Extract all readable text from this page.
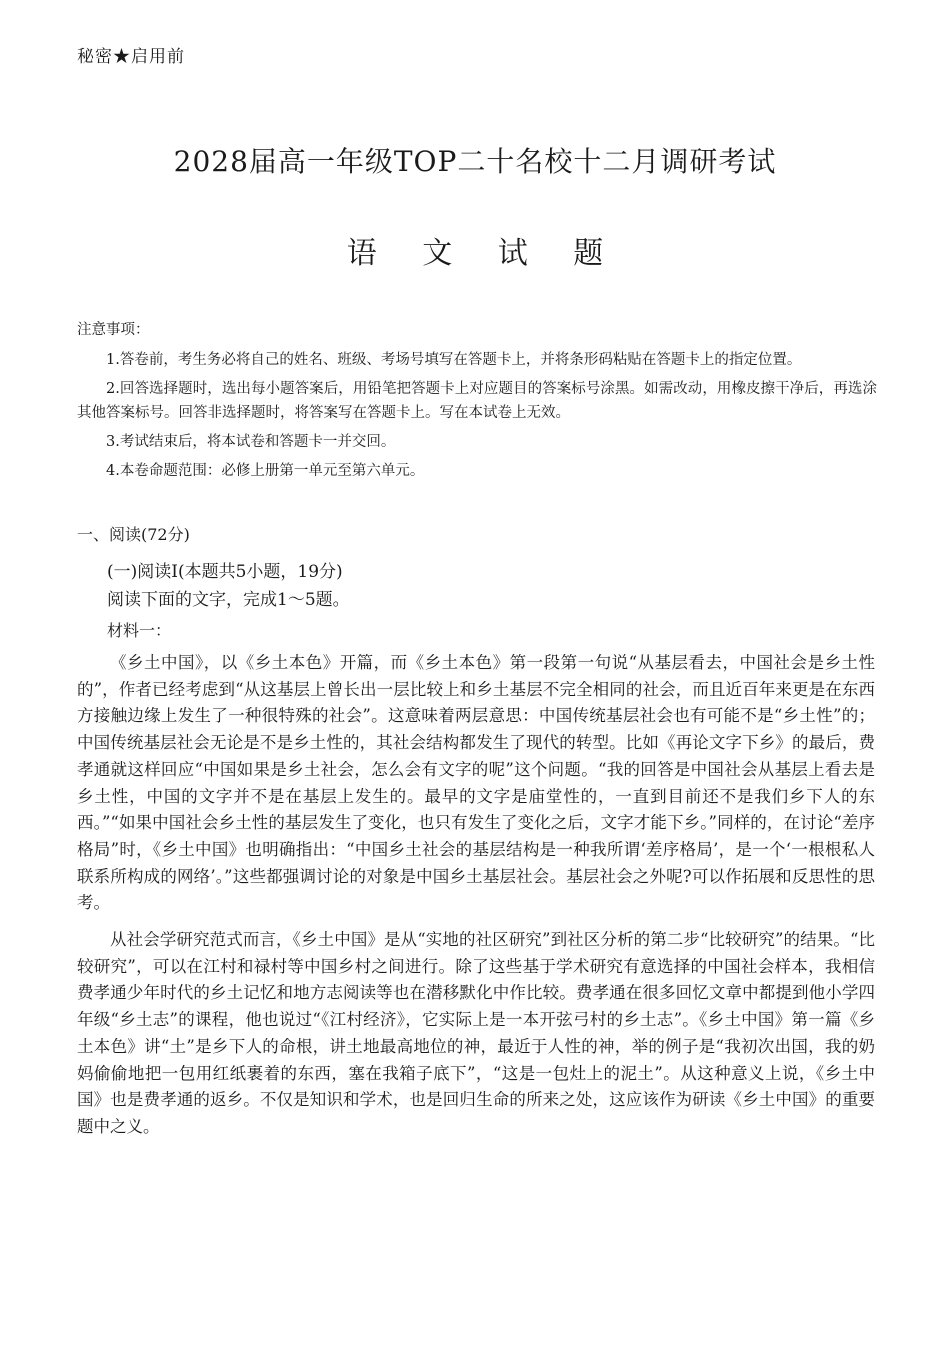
秘密★启用前
2028届高一年级TOP二十名校十二月调研考试
语 文 试 题
注意事项：
1.答卷前，考生务必将自己的姓名、班级、考场号填写在答题卡上，并将条形码粘贴在答题卡上的指定位置。
2.回答选择题时，选出每小题答案后，用铅笔把答题卡上对应题目的答案标号涂黑。如需改动，用橡皮擦干净后，再选涂其他答案标号。回答非选择题时，将答案写在答题卡上。写在本试卷上无效。
3.考试结束后，将本试卷和答题卡一并交回。
4.本卷命题范围：必修上册第一单元至第六单元。
一、阅读(72分)
(一)阅读I(本题共5小题，19分)
阅读下面的文字，完成1～5题。
材料一：

《乡土中国》，以《乡土本色》开篇，而《乡土本色》第一段第一句说“从基层看去，中国社会是乡土性的”，作者已经考虑到“从这基层上曾长出一层比较上和乡土基层不完全相同的社会，而且近百年来更是在东西方接触边缘上发生了一种很特殊的社会”。这意味着两层意思：中国传统基层社会也有可能不是“乡土性”的；中国传统基层社会无论是不是乡土性的，其社会结构都发生了现代的转型。比如《再论文字下乡》的最后，费孝通就这样回应“中国如果是乡土社会，怎么会有文字的呢”这个问题。“我的回答是中国社会从基层上看去是乡土性，中国的文字并不是在基层上发生的。最早的文字是庙堂性的，一直到目前还不是我们乡下人的东西。”“如果中国社会乡土性的基层发生了变化，也只有发生了变化之后，文字才能下乡。”同样的，在讨论“差序格局”时，《乡土中国》也明确指出：“中国乡土社会的基层结构是一种我所谓‘差序格局’，是一个‘一根根私人联系所构成的网络’。”这些都强调讨论的对象是中国乡土基层社会。基层社会之外呢?可以作拓展和反思性的思考。

从社会学研究范式而言，《乡土中国》是从“实地的社区研究”到社区分析的第二步“比较研究”的结果。“比较研究”，可以在江村和禄村等中国乡村之间进行。除了这些基于学术研究有意选择的中国社会样本，我相信费孝通少年时代的乡土记忆和地方志阅读等也在潜移默化中作比较。费孝通在很多回忆文章中都提到他小学四年级“乡土志”的课程，他也说过“《江村经济》，它实际上是一本开弦弓村的乡土志”。《乡土中国》第一篇《乡土本色》讲“土”是乡下人的命根，讲土地最高地位的神，最近于人性的神，举的例子是“我初次出国，我的奶妈偷偷地把一包用红纸裹着的东西，塞在我箱子底下”，“这是一包灶上的泥土”。从这种意义上说，《乡土中国》也是费孝通的返乡。不仅是知识和学术，也是回归生命的所来之处，这应该作为研读《乡土中国》的重要题中之义。
